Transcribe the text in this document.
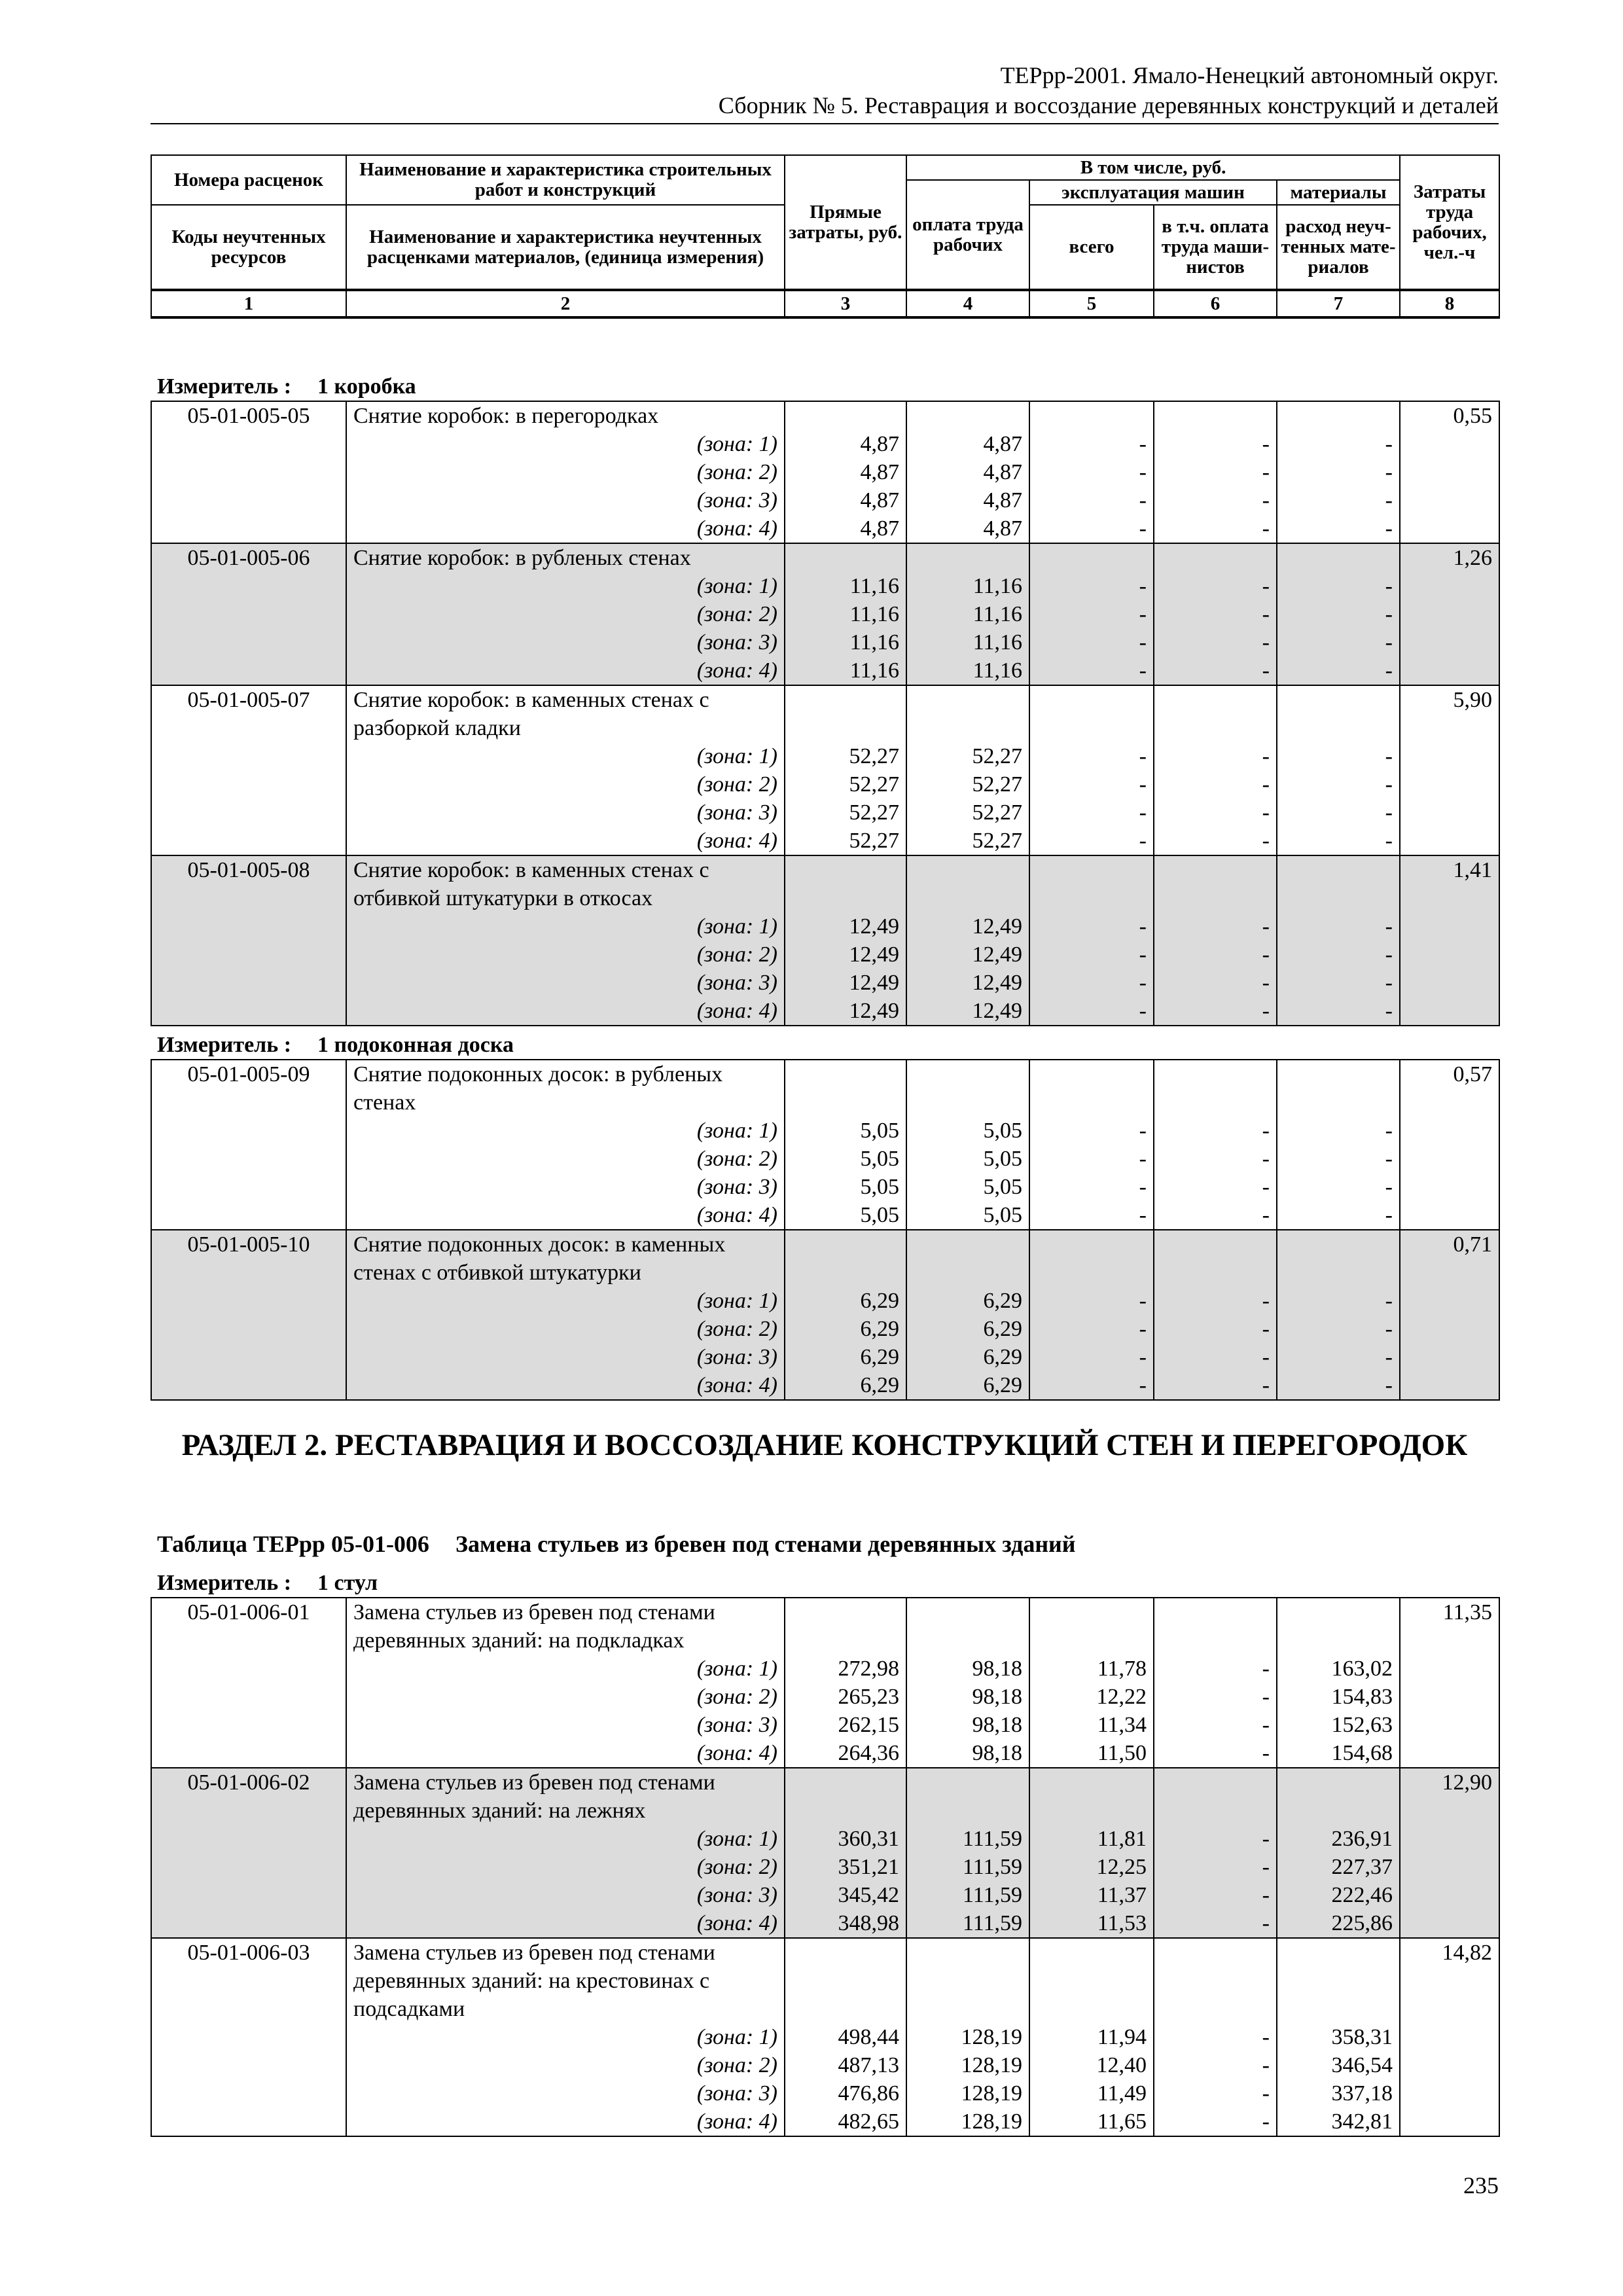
ТЕРрр-2001. Ямало-Ненецкий автономный округ.
Сборник № 5. Реставрация и воссоздание деревянных конструкций и деталей
Номера расценок	Наименование и характеристика строительных работ и конструкций	Прямые затраты, руб.	В том числе, руб.				Затраты труда рабочих, чел.-ч
			оплата труда рабочих	эксплуатация машин		материалы	
Коды неучтенных ресурсов	Наименование и характеристика неучтенных расценками материалов, (единица измерения)			всего	в т.ч. оплата труда маши-нистов	расход неуч-тенных мате-риалов	

1	2	3	4	5	6	7	8
Измеритель : 1 коробка
05-01-005-05	Снятие коробок: в перегородках						0,55
	(зона: 1)	4,87	4,87	-	-	-	
	(зона: 2)	4,87	4,87	-	-	-	
	(зона: 3)	4,87	4,87	-	-	-	
	(зона: 4)	4,87	4,87	-	-	-	
05-01-005-06	Снятие коробок: в рубленых стенах						1,26
	(зона: 1)	11,16	11,16	-	-	-	
	(зона: 2)	11,16	11,16	-	-	-	
	(зона: 3)	11,16	11,16	-	-	-	
	(зона: 4)	11,16	11,16	-	-	-	
05-01-005-07	Снятие коробок: в каменных стенах с						5,90
	разборкой кладки						
	(зона: 1)	52,27	52,27	-	-	-	
	(зона: 2)	52,27	52,27	-	-	-	
	(зона: 3)	52,27	52,27	-	-	-	
	(зона: 4)	52,27	52,27	-	-	-	
05-01-005-08	Снятие коробок: в каменных стенах с						1,41
	отбивкой штукатурки в откосах						
	(зона: 1)	12,49	12,49	-	-	-	
	(зона: 2)	12,49	12,49	-	-	-	
	(зона: 3)	12,49	12,49	-	-	-	
	(зона: 4)	12,49	12,49	-	-	-	
Измеритель : 1 подоконная доска
05-01-005-09	Снятие подоконных досок: в рубленых						0,57
	стенах						
	(зона: 1)	5,05	5,05	-	-	-	
	(зона: 2)	5,05	5,05	-	-	-	
	(зона: 3)	5,05	5,05	-	-	-	
	(зона: 4)	5,05	5,05	-	-	-	
05-01-005-10	Снятие подоконных досок: в каменных						0,71
	стенах с отбивкой штукатурки						
	(зона: 1)	6,29	6,29	-	-	-	
	(зона: 2)	6,29	6,29	-	-	-	
	(зона: 3)	6,29	6,29	-	-	-	
	(зона: 4)	6,29	6,29	-	-	-	
РАЗДЕЛ 2. РЕСТАВРАЦИЯ И ВОССОЗДАНИЕ КОНСТРУКЦИЙ СТЕН И ПЕРЕГОРОДОК
Таблица ТЕРрр 05-01-006 Замена стульев из бревен под стенами деревянных зданий
Измеритель : 1 стул
05-01-006-01	Замена стульев из бревен под стенами						11,35
	деревянных зданий: на подкладках						
	(зона: 1)	272,98	98,18	11,78	-	163,02	
	(зона: 2)	265,23	98,18	12,22	-	154,83	
	(зона: 3)	262,15	98,18	11,34	-	152,63	
	(зона: 4)	264,36	98,18	11,50	-	154,68	
05-01-006-02	Замена стульев из бревен под стенами						12,90
	деревянных зданий: на лежнях						
	(зона: 1)	360,31	111,59	11,81	-	236,91	
	(зона: 2)	351,21	111,59	12,25	-	227,37	
	(зона: 3)	345,42	111,59	11,37	-	222,46	
	(зона: 4)	348,98	111,59	11,53	-	225,86	
05-01-006-03	Замена стульев из бревен под стенами						14,82
	деревянных зданий: на крестовинах с						
	подсадками						
	(зона: 1)	498,44	128,19	11,94	-	358,31	
	(зона: 2)	487,13	128,19	12,40	-	346,54	
	(зона: 3)	476,86	128,19	11,49	-	337,18	
	(зона: 4)	482,65	128,19	11,65	-	342,81	
235
